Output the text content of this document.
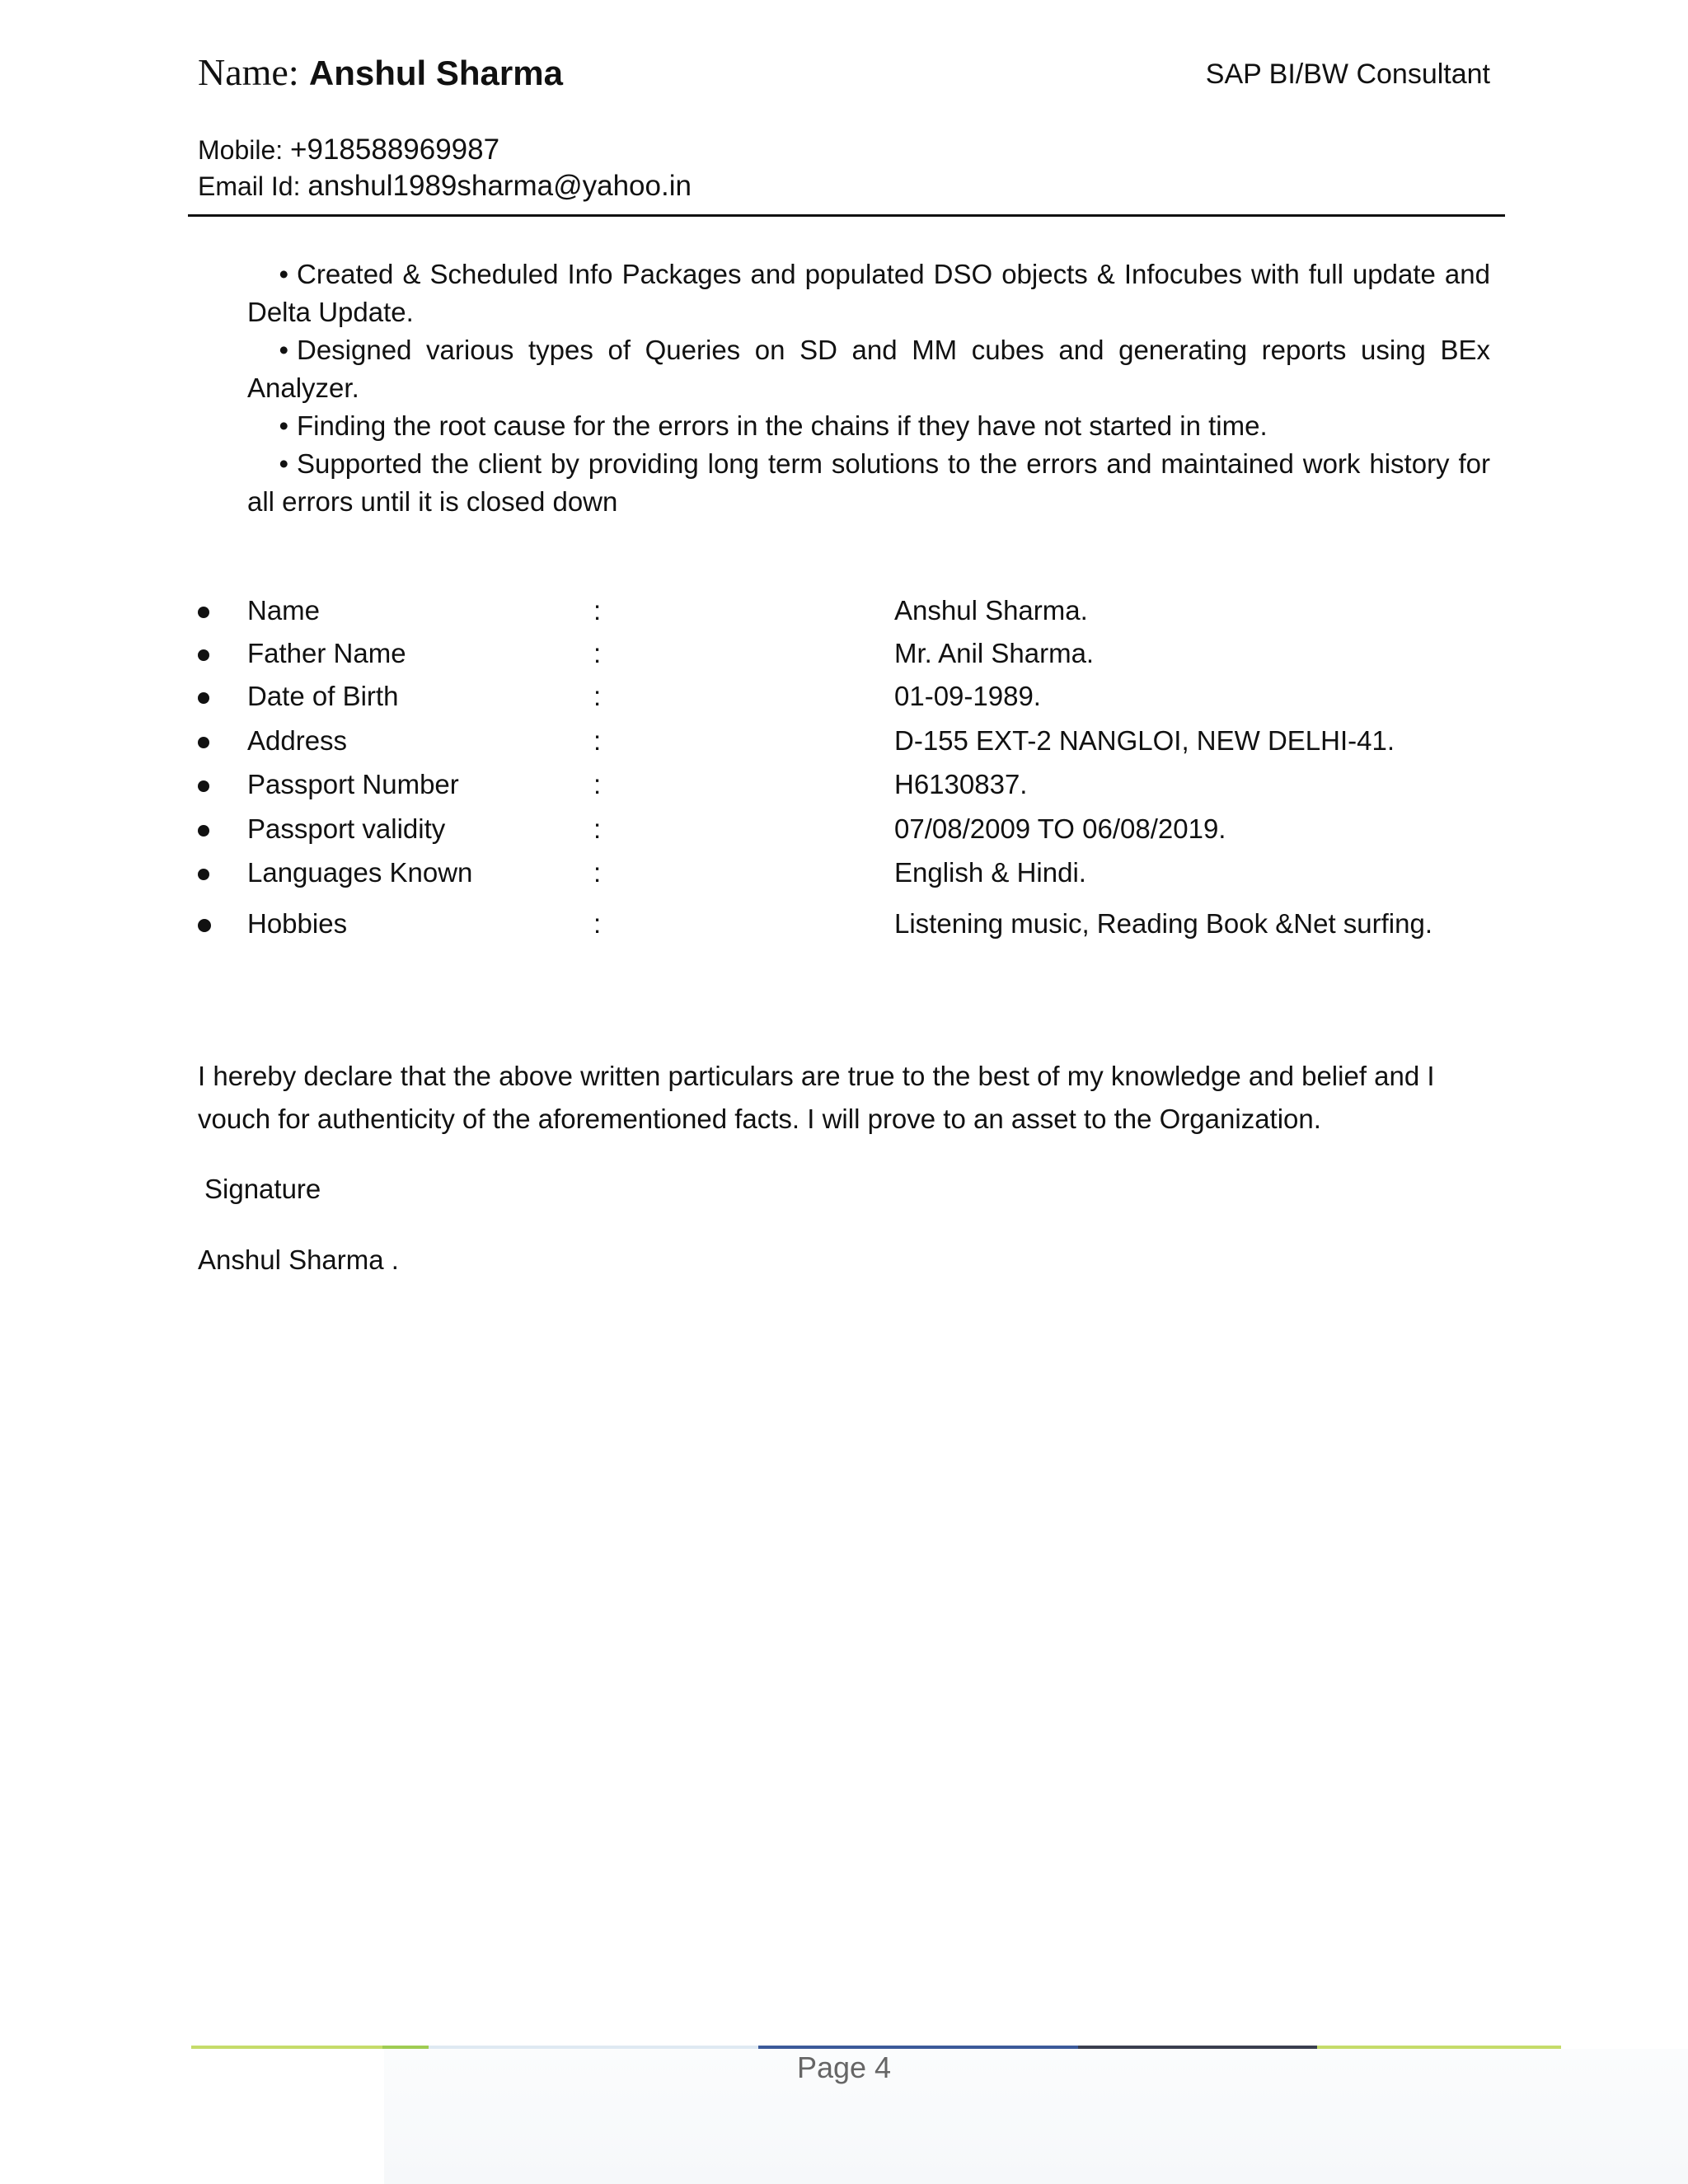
Name: Anshul Sharma	SAP BI/BW Consultant
Mobile: +918588969987
Email Id: anshul1989sharma@yahoo.in

• Created & Scheduled Info Packages and populated DSO objects & Infocubes with full update and Delta Update.

• Designed various types of Queries on SD and MM cubes and generating reports using BEx Analyzer.

• Finding the root cause for the errors in the chains if they have not started in time.

• Supported the client by providing long term solutions to the errors and maintained work history for all errors until it is closed down

Name	:	Anshul Sharma.
Father Name	:	Mr. Anil Sharma.
Date of Birth	:	01-09-1989.
Address	:	D-155 EXT-2 NANGLOI, NEW DELHI-41.
Passport Number	:	H6130837.
Passport validity	:	07/08/2009 TO 06/08/2019.
Languages Known	:	English & Hindi.
Hobbies	:	Listening music, Reading Book &Net surfing.
I hereby declare that the above written particulars are true to the best of my knowledge and belief and I vouch for authenticity of the aforementioned facts. I will prove to an asset to the Organization.
Signature
Anshul Sharma .
Page 4
